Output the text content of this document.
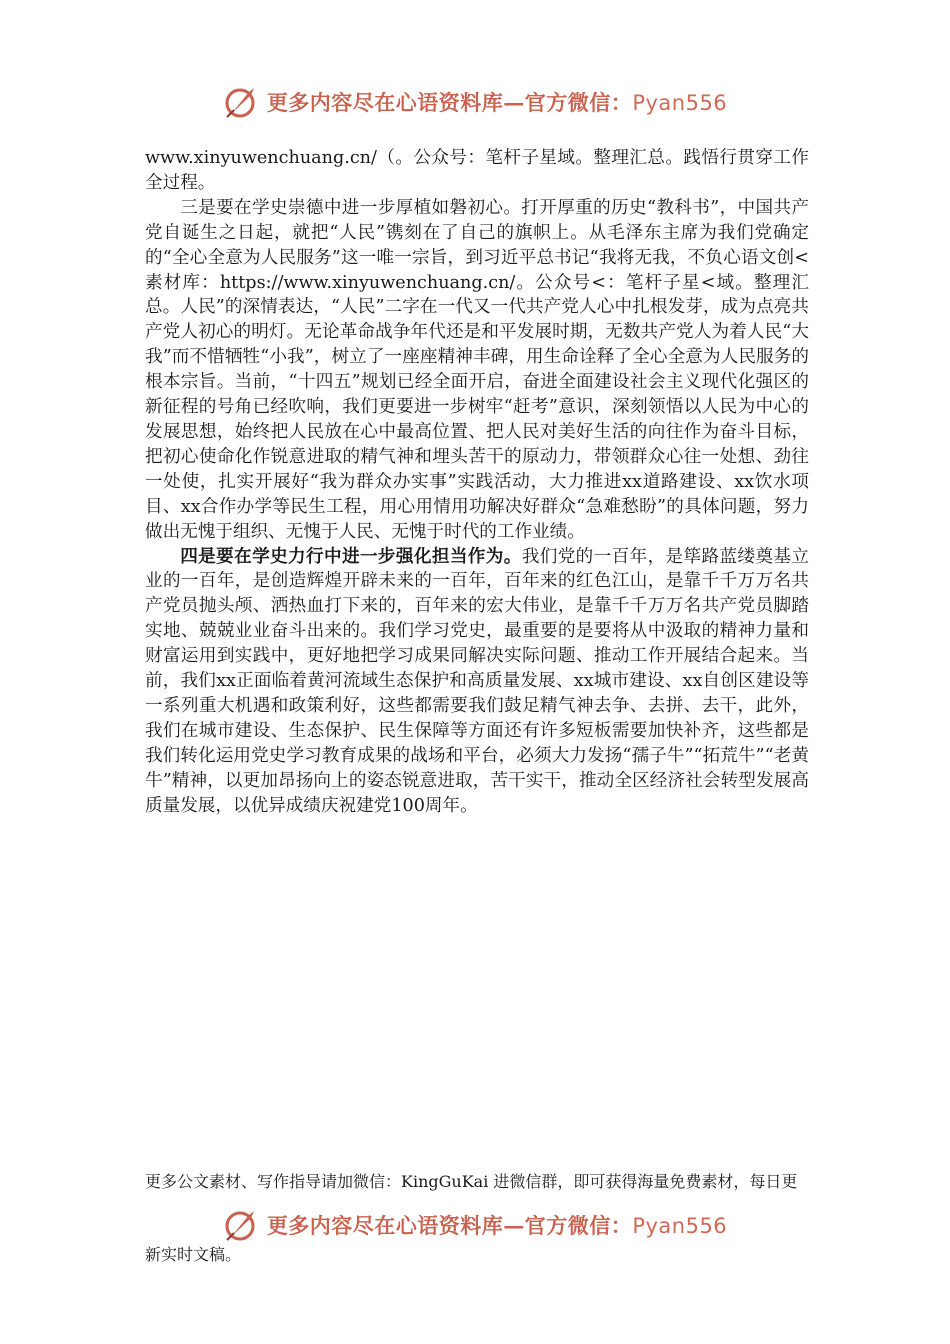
更多内容尽在心语资料库—官方微信：Pyan556

www.xinyuwenchuang.cn/（。公众号：笔杆子星域。整理汇总。践悟行贯穿工作全过程。

三是要在学史崇德中进一步厚植如磐初心。打开厚重的历史“教科书”，中国共产党自诞生之日起，就把“人民”镌刻在了自己的旗帜上。从毛泽东主席为我们党确定的“全心全意为人民服务”这一唯一宗旨，到习近平总书记“我将无我，不负心语文创<素材库：https://www.xinyuwenchuang.cn/。公众号<：笔杆子星<域。整理汇总。人民”的深情表达，“人民”二字在一代又一代共产党人心中扎根发芽，成为点亮共产党人初心的明灯。无论革命战争年代还是和平发展时期，无数共产党人为着人民“大我”而不惜牺牲“小我”，树立了一座座精神丰碑，用生命诠释了全心全意为人民服务的根本宗旨。当前，“十四五”规划已经全面开启，奋进全面建设社会主义现代化强区的新征程的号角已经吹响，我们更要进一步树牢“赶考”意识，深刻领悟以人民为中心的发展思想，始终把人民放在心中最高位置、把人民对美好生活的向往作为奋斗目标，把初心使命化作锐意进取的精气神和埋头苦干的原动力，带领群众心往一处想、劲往一处使，扎实开展好“我为群众办实事”实践活动，大力推进xx道路建设、xx饮水项目、xx合作办学等民生工程，用心用情用功解决好群众“急难愁盼”的具体问题，努力做出无愧于组织、无愧于人民、无愧于时代的工作业绩。

四是要在学史力行中进一步强化担当作为。我们党的一百年，是筚路蓝缕奠基立业的一百年，是创造辉煌开辟未来的一百年，百年来的红色江山，是靠千千万万名共产党员抛头颅、洒热血打下来的，百年来的宏大伟业，是靠千千万万名共产党员脚踏实地、兢兢业业奋斗出来的。我们学习党史，最重要的是要将从中汲取的精神力量和财富运用到实践中，更好地把学习成果同解决实际问题、推动工作开展结合起来。当前，我们xx正面临着黄河流域生态保护和高质量发展、xx城市建设、xx自创区建设等一系列重大机遇和政策利好，这些都需要我们鼓足精气神去争、去拼、去干，此外，我们在城市建设、生态保护、民生保障等方面还有许多短板需要加快补齐，这些都是我们转化运用党史学习教育成果的战场和平台，必须大力发扬“孺子牛”“拓荒牛”“老黄牛”精神，以更加昂扬向上的姿态锐意进取，苦干实干，推动全区经济社会转型发展高质量发展，以优异成绩庆祝建党100周年。

更多公文素材、写作指导请加微信：KingGuKai 进微信群，即可获得海量免费素材，每日更
更多内容尽在心语资料库—官方微信：Pyan556
新实时文稿。
